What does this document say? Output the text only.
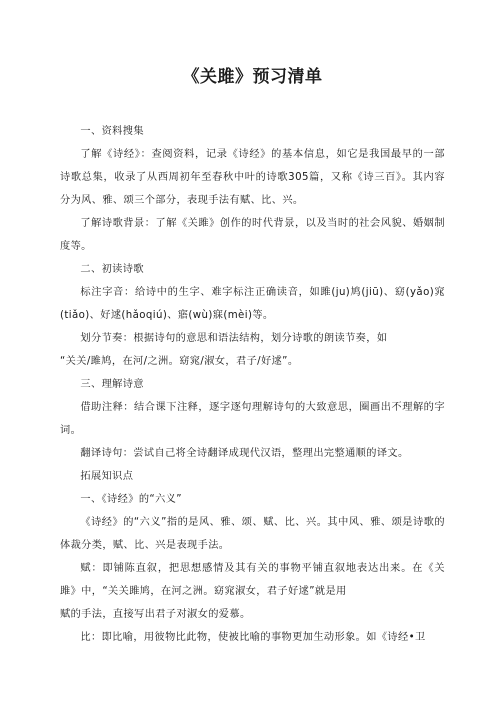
《关雎》预习清单

一、资料搜集

了解《诗经》：查阅资料，记录《诗经》的基本信息，如它是我国最早的一部诗歌总集，收录了从西周初年至春秋中叶的诗歌305篇，又称《诗三百》。其内容分为风、雅、颂三个部分，表现手法有赋、比、兴。

了解诗歌背景：了解《关雎》创作的时代背景，以及当时的社会风貌、婚姻制度等。

二、初读诗歌

标注字音：给诗中的生字、难字标注正确读音，如雎(ju)鸠(jiū)、窈(yǎo)窕(tiǎo)、好逑(hǎoqiú)、寤(wù)寐(mèi)等。

划分节奏：根据诗句的意思和语法结构，划分诗歌的朗读节奏，如

“关关/雎鸠，在河/之洲。窈窕/淑女，君子/好逑”。

三、理解诗意

借助注释：结合课下注释，逐字逐句理解诗句的大致意思，圈画出不理解的字词。

翻译诗句：尝试自己将全诗翻译成现代汉语，整理出完整通顺的译文。

拓展知识点

一、《诗经》的“六义”

《诗经》的“六义”指的是风、雅、颂、赋、比、兴。其中风、雅、颂是诗歌的体裁分类，赋、比、兴是表现手法。

赋：即铺陈直叙，把思想感情及其有关的事物平铺直叙地表达出来。在《关雎》中，“关关雎鸠，在河之洲。窈窕淑女，君子好逑”就是用

赋的手法，直接写出君子对淑女的爱慕。

比：即比喻，用彼物比此物，使被比喻的事物更加生动形象。如《诗经•卫
